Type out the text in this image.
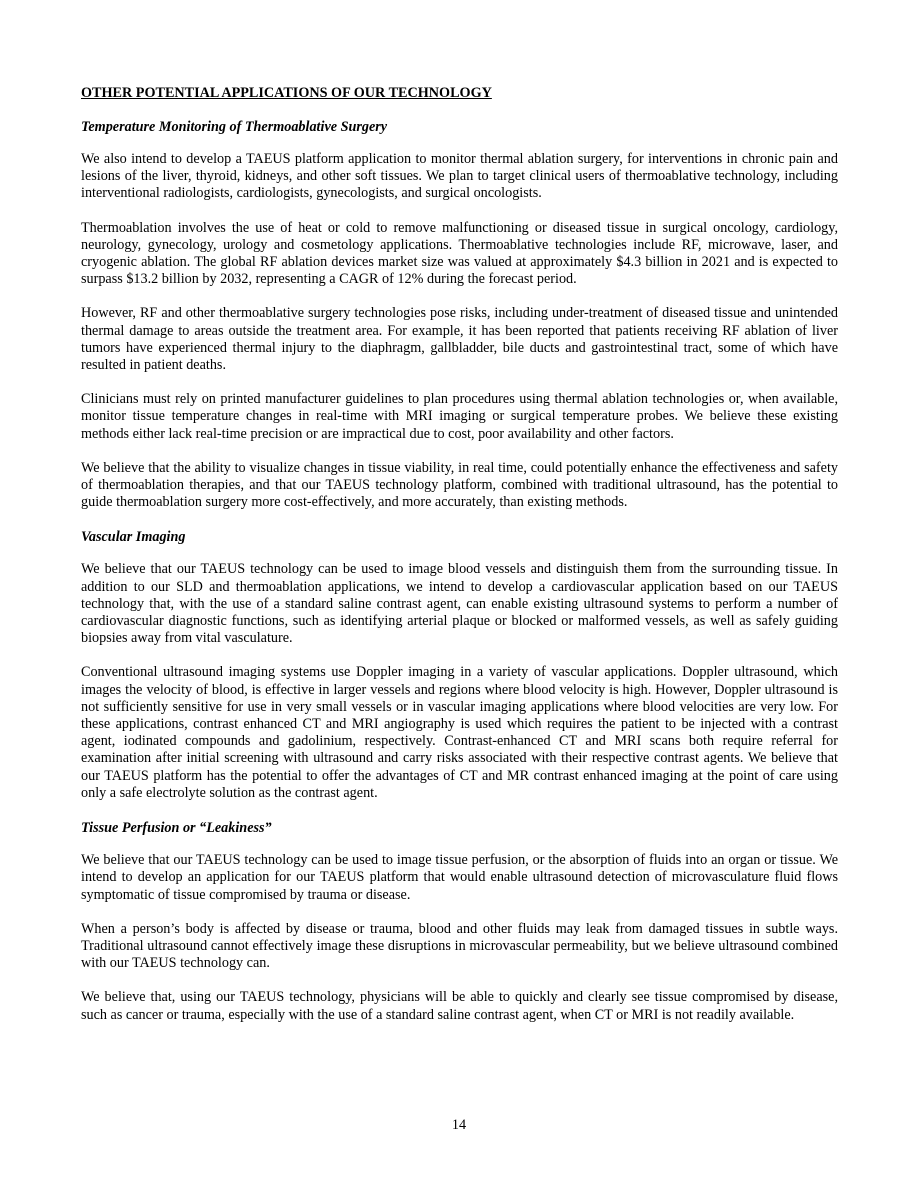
OTHER POTENTIAL APPLICATIONS OF OUR TECHNOLOGY
Temperature Monitoring of Thermoablative Surgery

We also intend to develop a TAEUS platform application to monitor thermal ablation surgery, for interventions in chronic pain and lesions of the liver, thyroid, kidneys, and other soft tissues. We plan to target clinical users of thermoablative technology, including interventional radiologists, cardiologists, gynecologists, and surgical oncologists.

Thermoablation involves the use of heat or cold to remove malfunctioning or diseased tissue in surgical oncology, cardiology, neurology, gynecology, urology and cosmetology applications. Thermoablative technologies include RF, microwave, laser, and cryogenic ablation. The global RF ablation devices market size was valued at approximately $4.3 billion in 2021 and is expected to surpass $13.2 billion by 2032, representing a CAGR of 12% during the forecast period.

However, RF and other thermoablative surgery technologies pose risks, including under-treatment of diseased tissue and unintended thermal damage to areas outside the treatment area. For example, it has been reported that patients receiving RF ablation of liver tumors have experienced thermal injury to the diaphragm, gallbladder, bile ducts and gastrointestinal tract, some of which have resulted in patient deaths.

Clinicians must rely on printed manufacturer guidelines to plan procedures using thermal ablation technologies or, when available, monitor tissue temperature changes in real-time with MRI imaging or surgical temperature probes. We believe these existing methods either lack real-time precision or are impractical due to cost, poor availability and other factors.

We believe that the ability to visualize changes in tissue viability, in real time, could potentially enhance the effectiveness and safety of thermoablation therapies, and that our TAEUS technology platform, combined with traditional ultrasound, has the potential to guide thermoablation surgery more cost-effectively, and more accurately, than existing methods.

Vascular Imaging

We believe that our TAEUS technology can be used to image blood vessels and distinguish them from the surrounding tissue. In addition to our SLD and thermoablation applications, we intend to develop a cardiovascular application based on our TAEUS technology that, with the use of a standard saline contrast agent, can enable existing ultrasound systems to perform a number of cardiovascular diagnostic functions, such as identifying arterial plaque or blocked or malformed vessels, as well as safely guiding biopsies away from vital vasculature.

Conventional ultrasound imaging systems use Doppler imaging in a variety of vascular applications. Doppler ultrasound, which images the velocity of blood, is effective in larger vessels and regions where blood velocity is high. However, Doppler ultrasound is not sufficiently sensitive for use in very small vessels or in vascular imaging applications where blood velocities are very low. For these applications, contrast enhanced CT and MRI angiography is used which requires the patient to be injected with a contrast agent, iodinated compounds and gadolinium, respectively. Contrast-enhanced CT and MRI scans both require referral for examination after initial screening with ultrasound and carry risks associated with their respective contrast agents. We believe that our TAEUS platform has the potential to offer the advantages of CT and MR contrast enhanced imaging at the point of care using only a safe electrolyte solution as the contrast agent.

Tissue Perfusion or “Leakiness”

We believe that our TAEUS technology can be used to image tissue perfusion, or the absorption of fluids into an organ or tissue. We intend to develop an application for our TAEUS platform that would enable ultrasound detection of microvasculature fluid flows symptomatic of tissue compromised by trauma or disease.

When a person’s body is affected by disease or trauma, blood and other fluids may leak from damaged tissues in subtle ways. Traditional ultrasound cannot effectively image these disruptions in microvascular permeability, but we believe ultrasound combined with our TAEUS technology can.

We believe that, using our TAEUS technology, physicians will be able to quickly and clearly see tissue compromised by disease, such as cancer or trauma, especially with the use of a standard saline contrast agent, when CT or MRI is not readily available.

14
